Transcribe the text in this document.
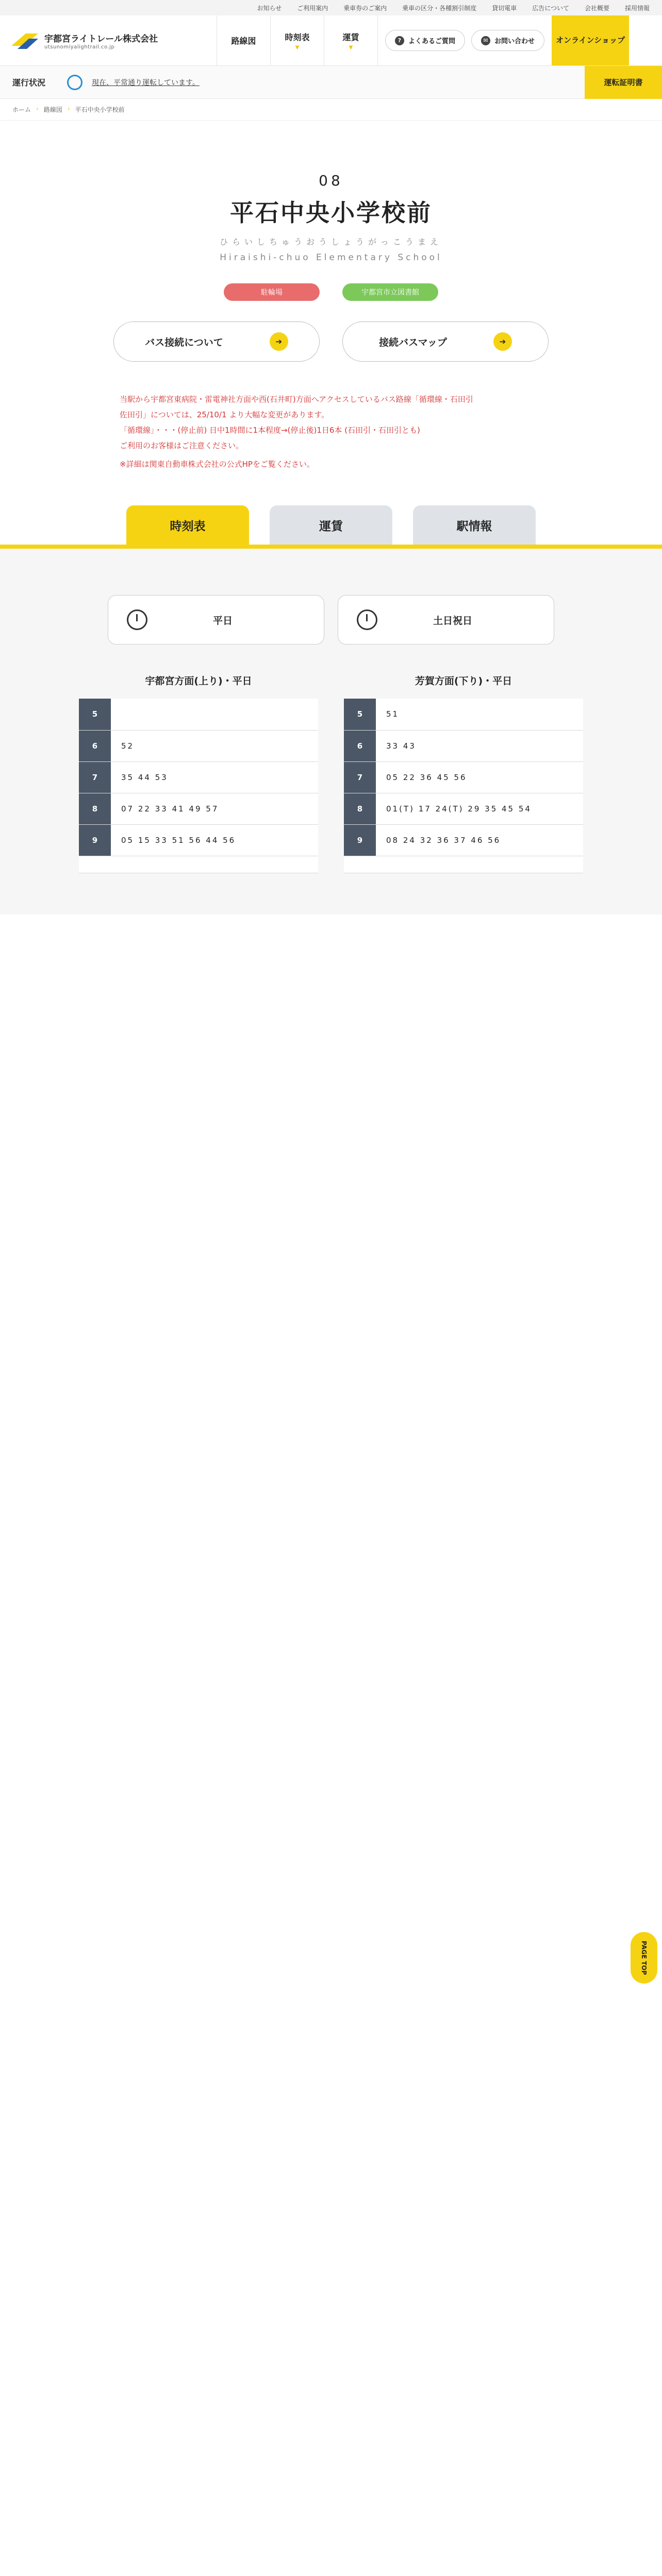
お知らせ	ご利用案内	乗車券のご案内	乗車の区分・各種割引制度	貸切電車	広告について	会社概要	採用情報
宇都宮ライトレール株式会社
utsunomiyalightrail.co.jp
路線図	時刻表
▼
運賃
▼
?	よくあるご質問	✉ お問い合わせ	オンラインショップ
運行状況	現在、平常通り運転しています。	運転証明書
ホーム › 路線図 › 平石中央小学校前
08
平石中央小学校前
ひらいしちゅうおうしょうがっこうまえ
Hiraishi-chuo Elementary School
駐輪場	宇都宮市立図書館
バス接続について	➔	接続バスマップ	➔
当駅から宇都宮東病院・雷電神社方面や西(石井町)方面へアクセスしているバス路線「循環線・石田引
佐田引」については、25/10/1 より大幅な変更があります。
「循環線」・・・(停止前) 日中1時間に1本程度→(停止後)1日6本 (石田引・石田引とも)
ご利用のお客様はご注意ください。
※詳細は関東自動車株式会社の公式HPをご覧ください。
時刻表	運賃	駅情報
平日	土日祝日
宇都宮方面(上り)・平日
5	
6	52
7	35 44 53
8	07 22 33 41 49 57
9	05 15 33 51 56 44 56
芳賀方面(下り)・平日
5	51
6	33 43
7	05 22 36 45 56
8	01(T) 17 24(T) 29 35 45 54
9	08 24 32 36 37 46 56
PAGE TOP
